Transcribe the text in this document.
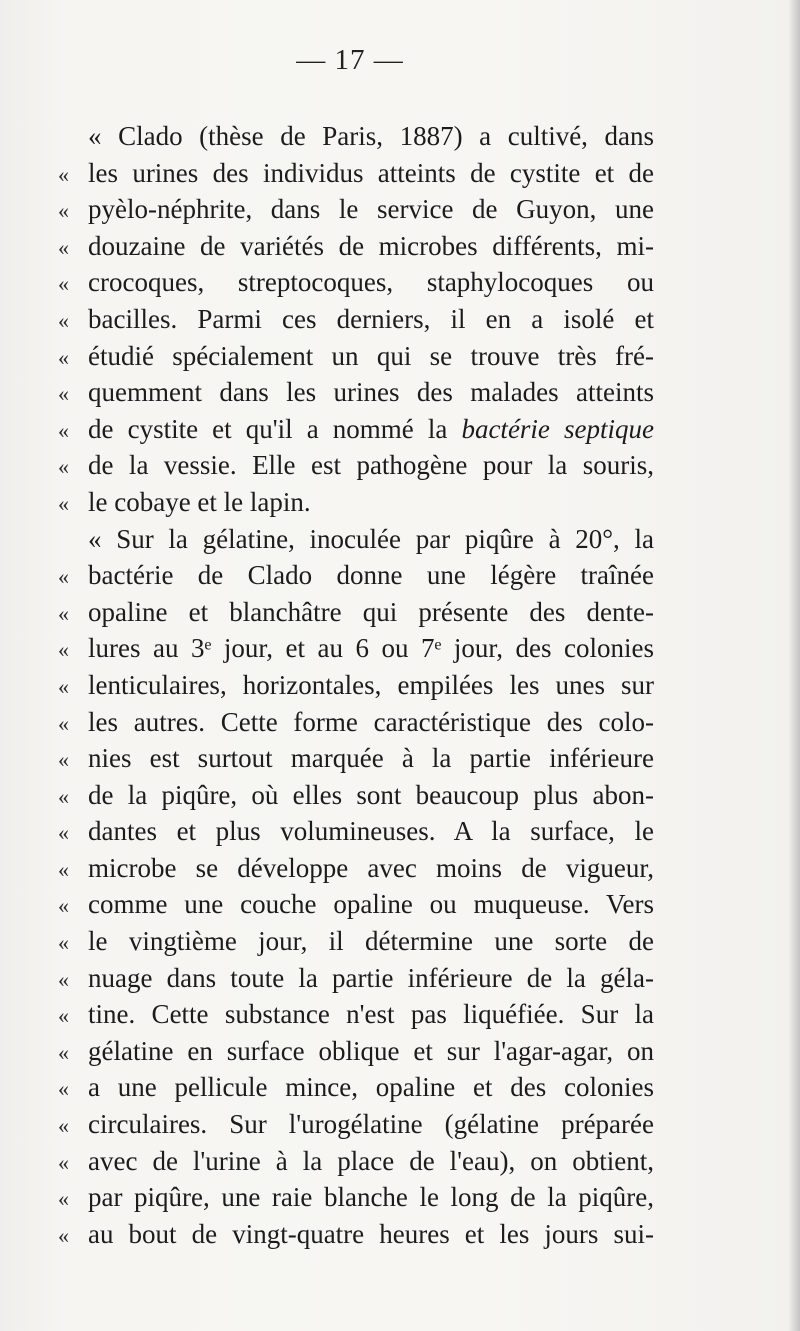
— 17 —
« Clado (thèse de Paris, 1887) a cultivé, dans
« les urines des individus atteints de cystite et de
« pyèlo-néphrite, dans le service de Guyon, une
« douzaine de variétés de microbes différents, mi-
« crocoques, streptocoques, staphylocoques ou
« bacilles. Parmi ces derniers, il en a isolé et
« étudié spécialement un qui se trouve très fré-
« quemment dans les urines des malades atteints
« de cystite et qu'il a nommé la bactérie septique
« de la vessie. Elle est pathogène pour la souris,
« le cobaye et le lapin.
« Sur la gélatine, inoculée par piqûre à 20°, la
« bactérie de Clado donne une légère traînée
« opaline et blanchâtre qui présente des dente-
« lures au 3ᵉ jour, et au 6 ou 7ᵉ jour, des colonies
« lenticulaires, horizontales, empilées les unes sur
« les autres. Cette forme caractéristique des colo-
« nies est surtout marquée à la partie inférieure
« de la piqûre, où elles sont beaucoup plus abon-
« dantes et plus volumineuses. A la surface, le
« microbe se développe avec moins de vigueur,
« comme une couche opaline ou muqueuse. Vers
« le vingtième jour, il détermine une sorte de
« nuage dans toute la partie inférieure de la géla-
« tine. Cette substance n'est pas liquéfiée. Sur la
« gélatine en surface oblique et sur l'agar-agar, on
« a une pellicule mince, opaline et des colonies
« circulaires. Sur l'urogélatine (gélatine préparée
« avec de l'urine à la place de l'eau), on obtient,
« par piqûre, une raie blanche le long de la piqûre,
« au bout de vingt-quatre heures et les jours sui-
